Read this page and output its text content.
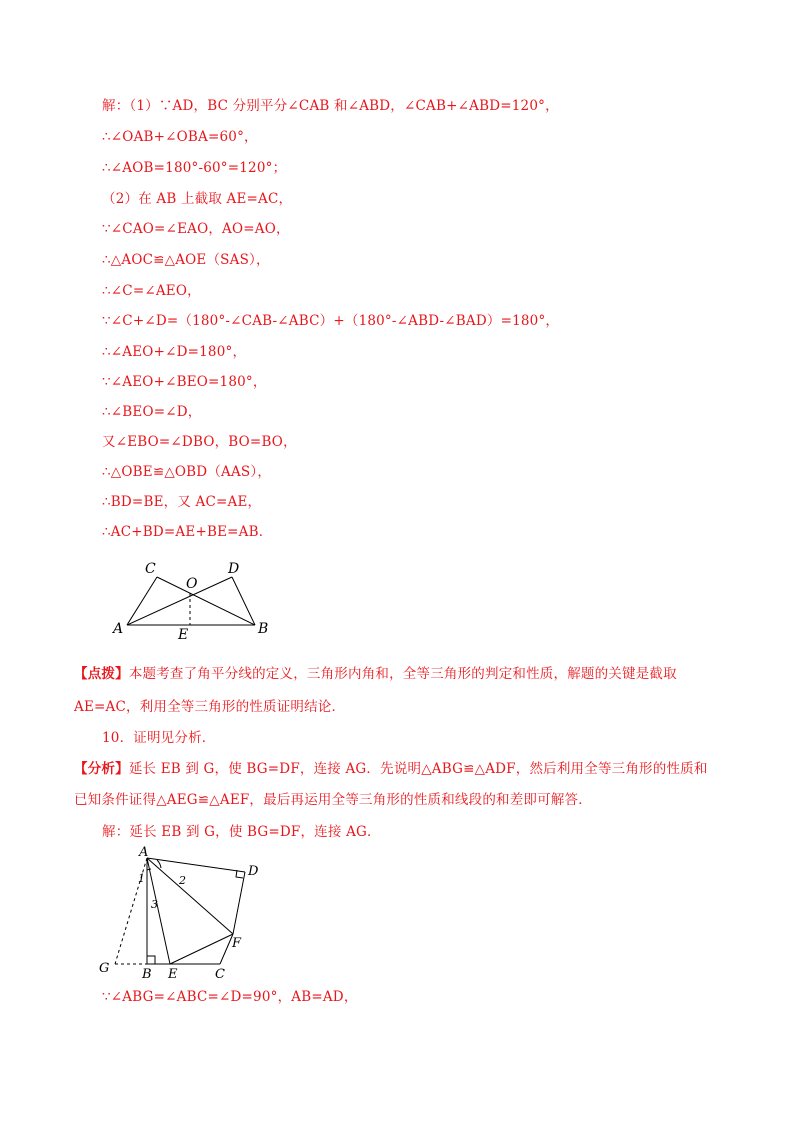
解：（1）∵AD，BC 分别平分∠CAB 和∠ABD，∠CAB+∠ABD=120°，
∴∠OAB+∠OBA=60°，
∴∠AOB=180°-60°=120°；
（2）在 AB 上截取 AE=AC，
∵∠CAO=∠EAO，AO=AO，
∴△AOC≌△AOE（SAS），
∴∠C=∠AEO，
∵∠C+∠D=（180°-∠CAB-∠ABC）+（180°-∠ABD-∠BAD）=180°，
∴∠AEO+∠D=180°，
∵∠AEO+∠BEO=180°，
∴∠BEO=∠D，
又∠EBO=∠DBO，BO=BO，
∴△OBE≌△OBD（AAS），
∴BD=BE，又 AC=AE，
∴AC+BD=AE+BE=AB．
C
O
D
A	E	B
【点拨】本题考查了角平分线的定义，三角形内角和，全等三角形的判定和性质，解题的关键是截取
AE=AC，利用全等三角形的性质证明结论．
10．证明见分析．
【分析】延长 EB 到 G，使 BG=DF，连接 AG．先说明△ABG≌△ADF，然后利用全等三角形的性质和
已知条件证得△AEG≌△AEF，最后再运用全等三角形的性质和线段的和差即可解答．
解：延长 EB 到 G，使 BG=DF，连接 AG．
A
D
F
G	B E	C
1	2
3
∵∠ABG=∠ABC=∠D=90°，AB=AD，
